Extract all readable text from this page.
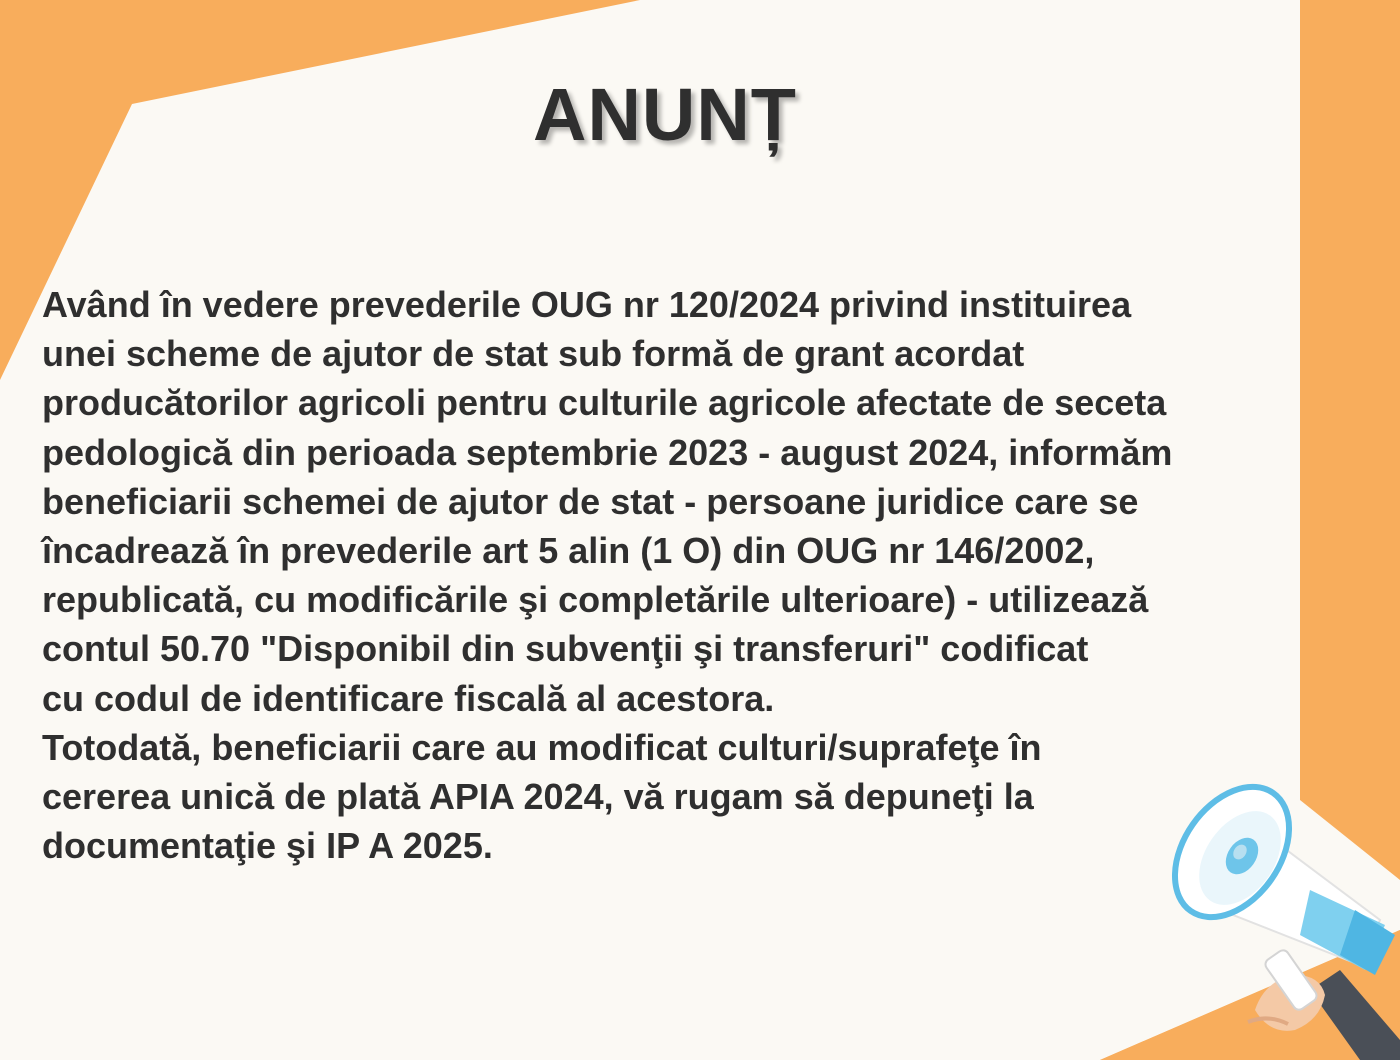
ANUNȚ
Având în vedere prevederile OUG nr 120/2024 privind instituirea
unei scheme de ajutor de stat sub formă de grant acordat
producătorilor agricoli pentru culturile agricole afectate de seceta
pedologică din perioada septembrie 2023 - august 2024, informăm
beneficiarii schemei de ajutor de stat - persoane juridice care se
încadrează în prevederile art 5 alin (1 O) din OUG nr 146/2002,
republicată, cu modificările şi completările ulterioare) - utilizează
contul 50.70 "Disponibil din subvenţii şi transferuri" codificat
cu codul de identificare fiscală al acestora.
Totodată, beneficiarii care au modificat culturi/suprafeţe în
cererea unică de plată APIA 2024, vă rugam să depuneţi la
documentaţie şi IP A 2025.
